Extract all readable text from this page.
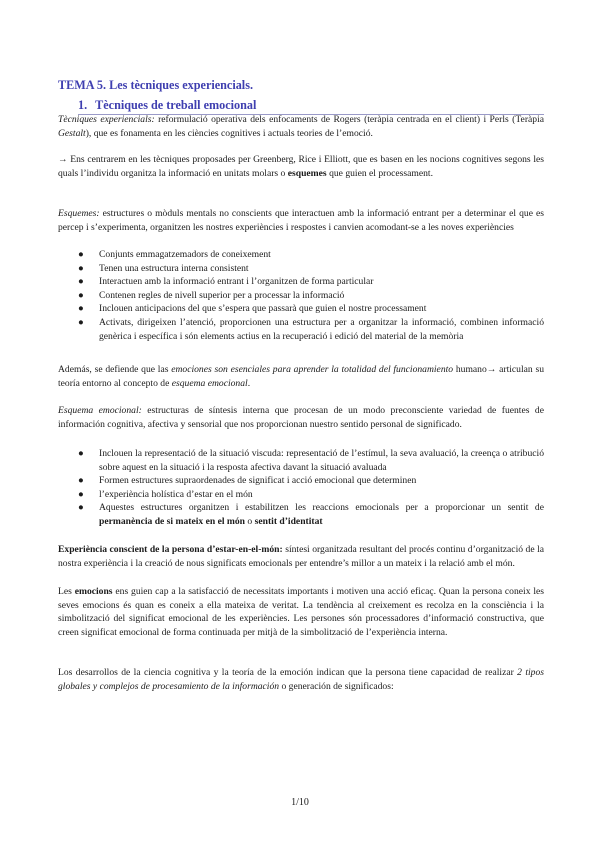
TEMA 5. Les tècniques experiencials.
1. Tècniques de treball emocional
Tècniques experiencials: reformulació operativa dels enfocaments de Rogers (teràpia centrada en el client) i Perls (Teràpia Gestalt), que es fonamenta en les ciències cognitives i actuals teories de l’emoció.
→ Ens centrarem en les tècniques proposades per Greenberg, Rice i Elliott, que es basen en les nocions cognitives segons les quals l’individu organitza la informació en unitats molars o esquemes que guien el processament.
Esquemes: estructures o mòduls mentals no conscients que interactuen amb la informació entrant per a determinar el que es percep i s’experimenta, organitzen les nostres experiències i respostes i canvien acomodant-se a les noves experiències
● Conjunts emmagatzemadors de coneixement
● Tenen una estructura interna consistent
● Interactuen amb la informació entrant i l’organitzen de forma particular
● Contenen regles de nivell superior per a processar la informació
● Inclouen anticipacions del que s’espera que passarà que guien el nostre processament
● Activats, dirigeixen l’atenció, proporcionen una estructura per a organitzar la informació, combinen informació genèrica i específica i són elements actius en la recuperació i edició del material de la memòria
Además, se defiende que las emociones son esenciales para aprender la totalidad del funcionamiento humano→ articulan su teoría entorno al concepto de esquema emocional.
Esquema emocional: estructuras de síntesis interna que procesan de un modo preconsciente variedad de fuentes de información cognitiva, afectiva y sensorial que nos proporcionan nuestro sentido personal de significado.
● Inclouen la representació de la situació viscuda: representació de l’estímul, la seva avaluació, la creença o atribució sobre aquest en la situació i la resposta afectiva davant la situació avaluada
● Formen estructures supraordenades de significat i acció emocional que determinen
● l’experiència holística d’estar en el món
● Aquestes estructures organitzen i estabilitzen les reaccions emocionals per a proporcionar un sentit de permanència de si mateix en el món o sentit d’identitat
Experiència conscient de la persona d’estar-en-el-món: síntesi organitzada resultant del procés continu d’organització de la nostra experiència i la creació de nous significats emocionals per entendre’s millor a un mateix i la relació amb el món.
Les emocions ens guien cap a la satisfacció de necessitats importants i motiven una acció eficaç. Quan la persona coneix les seves emocions és quan es coneix a ella mateixa de veritat. La tendència al creixement es recolza en la consciència i la simbolització del significat emocional de les experiències. Les persones són processadores d’informació constructiva, que creen significat emocional de forma continuada per mitjà de la simbolització de l’experiència interna.
Los desarrollos de la ciencia cognitiva y la teoría de la emoción indican que la persona tiene capacidad de realizar 2 tipos globales y complejos de procesamiento de la información o generación de significados:
1/10
